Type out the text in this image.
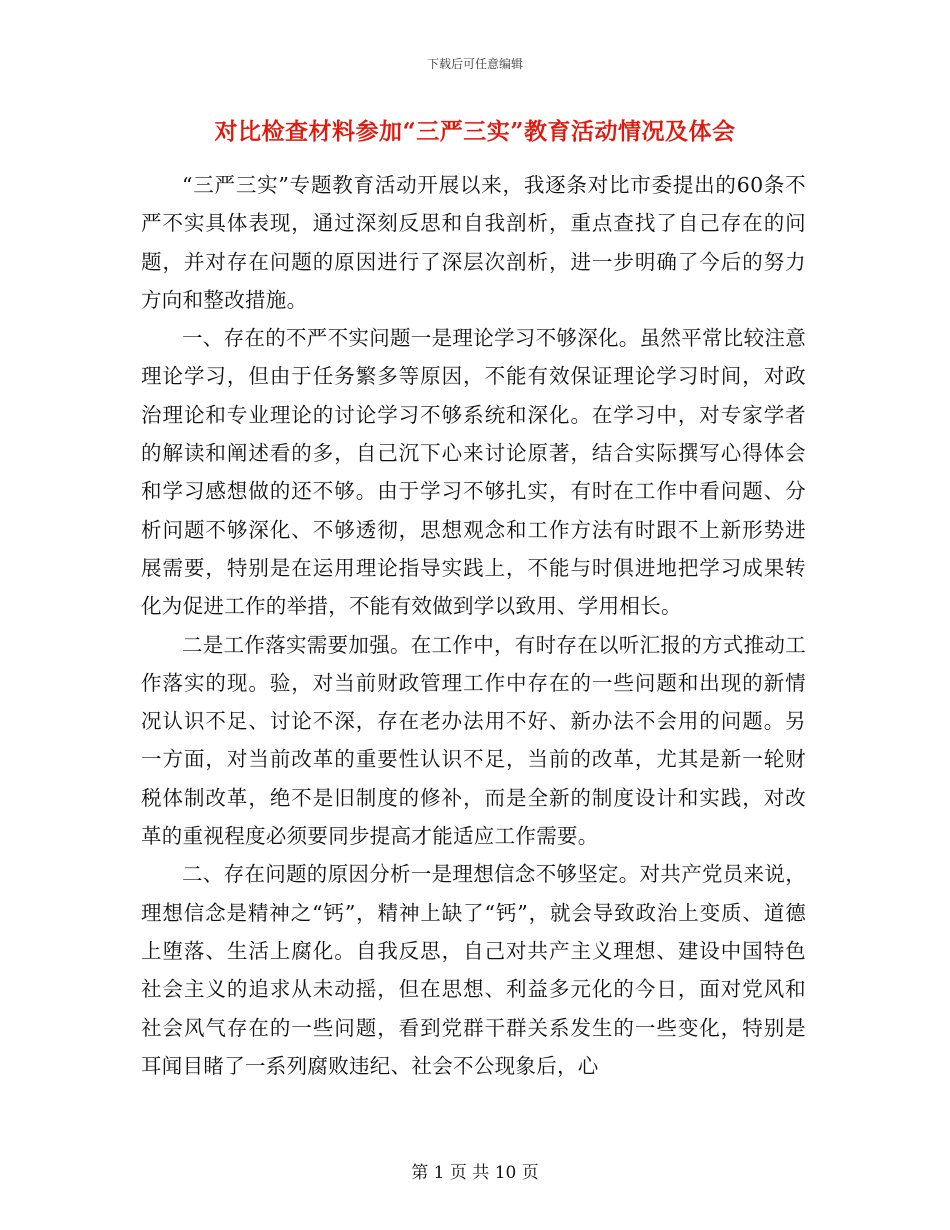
下载后可任意编辑
对比检查材料参加“三严三实”教育活动情况及体会

“三严三实”专题教育活动开展以来，我逐条对比市委提出的60条不严不实具体表现，通过深刻反思和自我剖析，重点查找了自己存在的问题，并对存在问题的原因进行了深层次剖析，进一步明确了今后的努力方向和整改措施。

一、存在的不严不实问题一是理论学习不够深化。虽然平常比较注意理论学习，但由于任务繁多等原因，不能有效保证理论学习时间，对政治理论和专业理论的讨论学习不够系统和深化。在学习中，对专家学者的解读和阐述看的多，自己沉下心来讨论原著，结合实际撰写心得体会和学习感想做的还不够。由于学习不够扎实，有时在工作中看问题、分析问题不够深化、不够透彻，思想观念和工作方法有时跟不上新形势进展需要，特别是在运用理论指导实践上，不能与时俱进地把学习成果转化为促进工作的举措，不能有效做到学以致用、学用相长。

二是工作落实需要加强。在工作中，有时存在以听汇报的方式推动工作落实的现。验，对当前财政管理工作中存在的一些问题和出现的新情况认识不足、讨论不深，存在老办法用不好、新办法不会用的问题。另一方面，对当前改革的重要性认识不足，当前的改革，尤其是新一轮财税体制改革，绝不是旧制度的修补，而是全新的制度设计和实践，对改革的重视程度必须要同步提高才能适应工作需要。

二、存在问题的原因分析一是理想信念不够坚定。对共产党员来说，理想信念是精神之“钙”，精神上缺了“钙”，就会导致政治上变质、道德上堕落、生活上腐化。自我反思，自己对共产主义理想、建设中国特色社会主义的追求从未动摇，但在思想、利益多元化的今日，面对党风和社会风气存在的一些问题，看到党群干群关系发生的一些变化，特别是耳闻目睹了一系列腐败违纪、社会不公现象后，心

第 1 页 共 10 页
